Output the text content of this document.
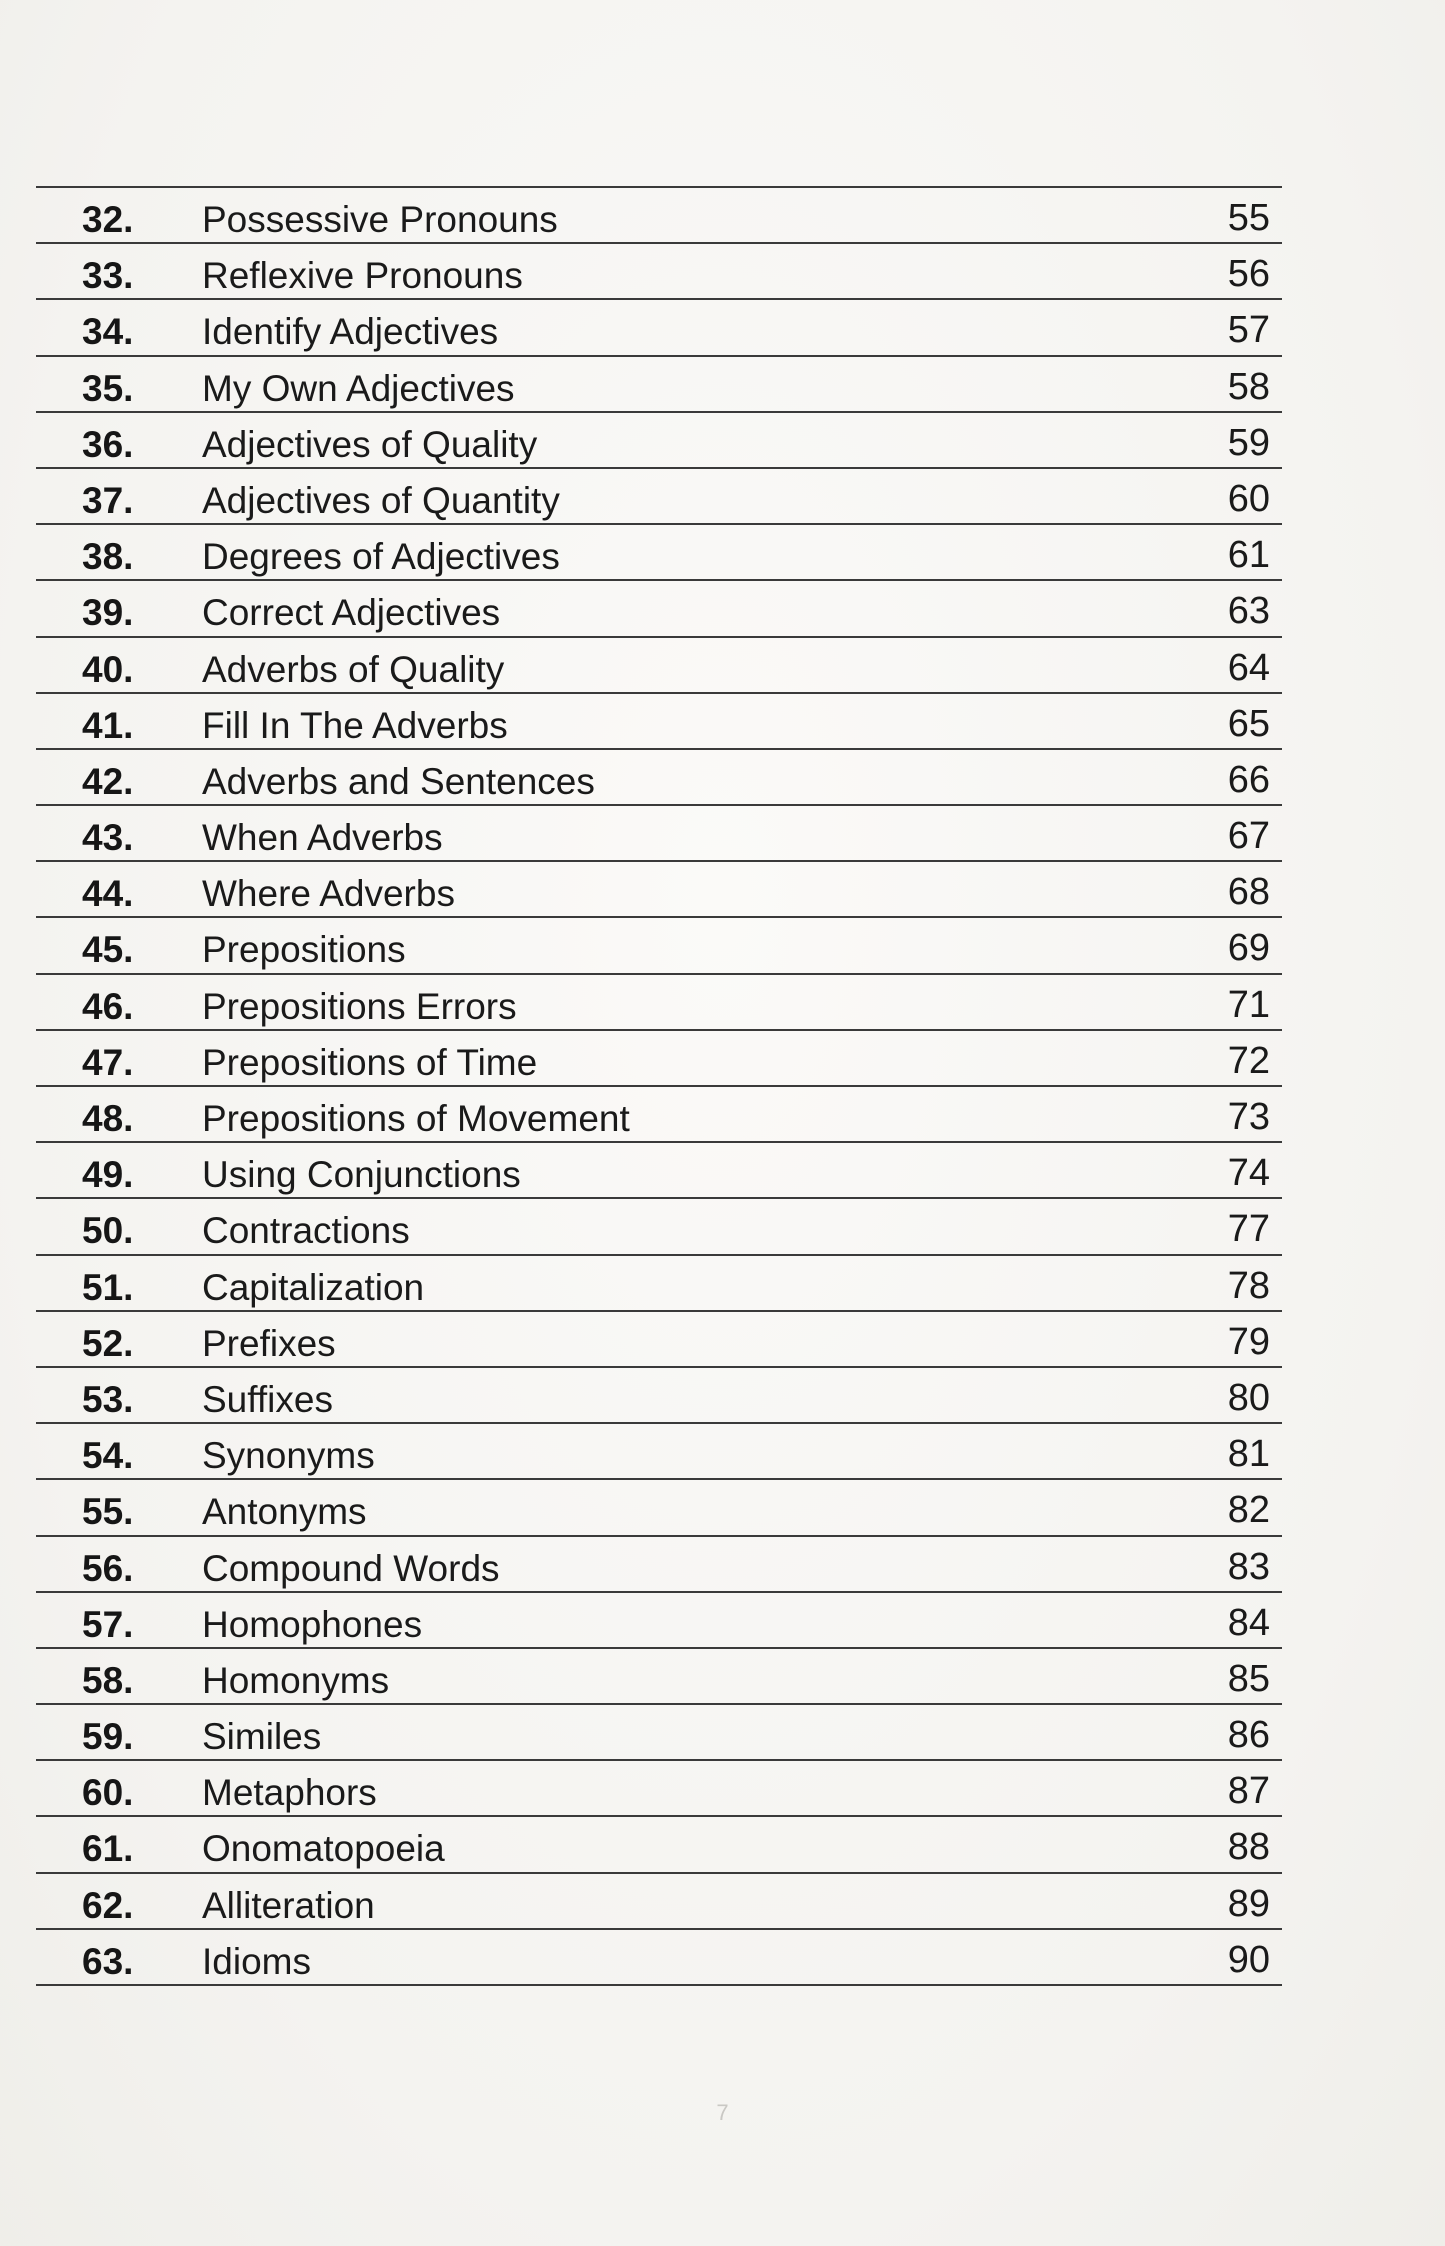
32. Possessive Pronouns	55
33. Reflexive Pronouns	56
34. Identify Adjectives	57
35. My Own Adjectives	58
36. Adjectives of Quality	59
37. Adjectives of Quantity	60
38. Degrees of Adjectives	61
39. Correct Adjectives	63
40. Adverbs of Quality	64
41. Fill In The Adverbs	65
42. Adverbs and Sentences	66
43. When Adverbs	67
44. Where Adverbs	68
45. Prepositions	69
46. Prepositions Errors	71
47. Prepositions of Time	72
48. Prepositions of Movement	73
49. Using Conjunctions	74
50. Contractions	77
51. Capitalization	78
52. Prefixes	79
53. Suffixes	80
54. Synonyms	81
55. Antonyms	82
56. Compound Words	83
57. Homophones	84
58. Homonyms	85
59. Similes	86
60. Metaphors	87
61. Onomatopoeia	88
62. Alliteration	89
63. Idioms	90
7
